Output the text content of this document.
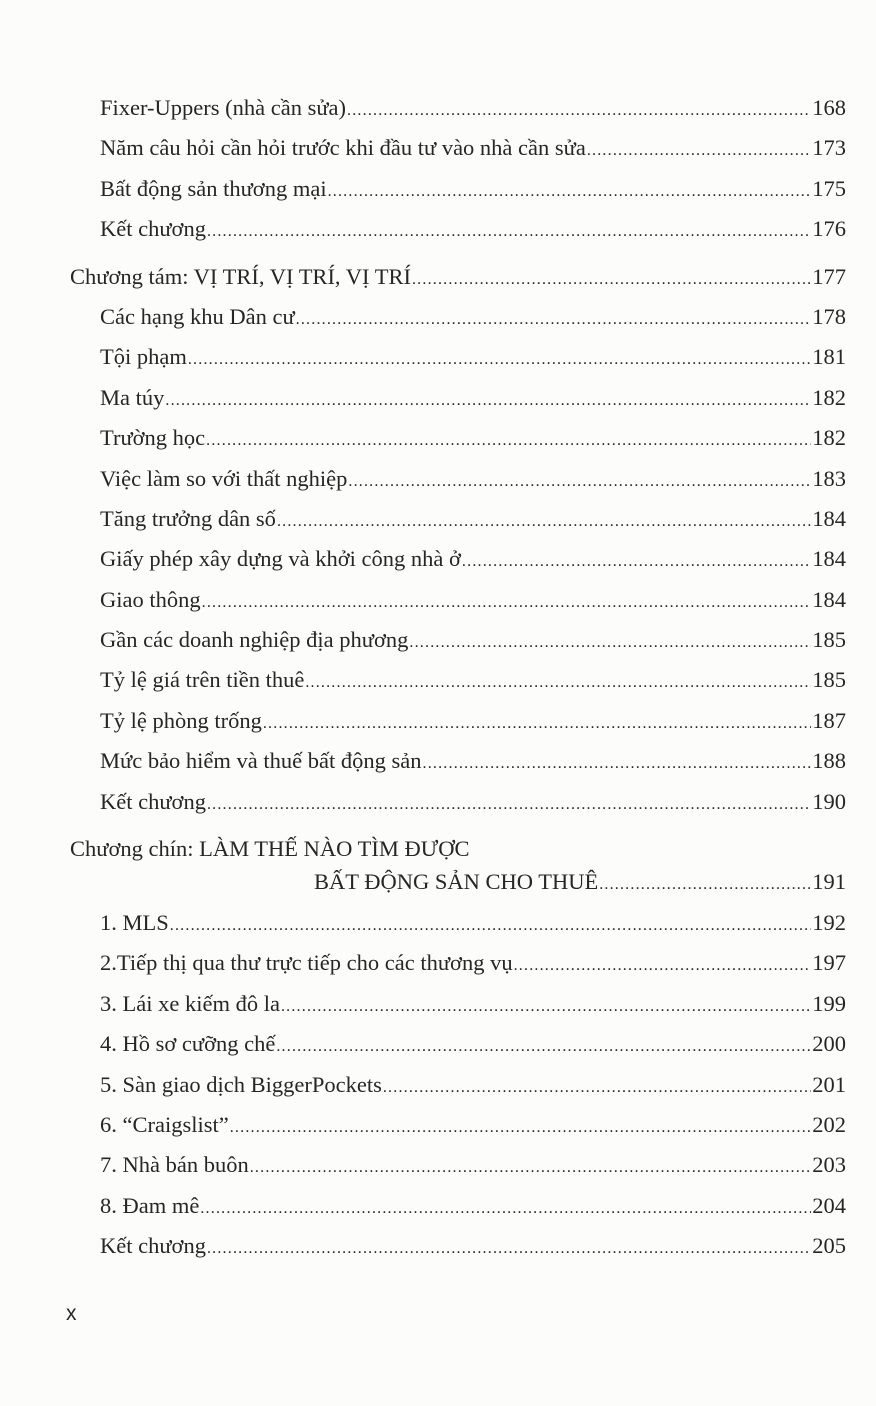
Fixer-Uppers (nhà cần sửa) .....	168
Năm câu hỏi cần hỏi trước khi đầu tư vào nhà cần sửa .....	173
Bất động sản thương mại .....	175
Kết chương .....	176
Chương tám: VỊ TRÍ, VỊ TRÍ, VỊ TRÍ .....	177
Các hạng khu Dân cư .....	178
Tội phạm .....	181
Ma túy .....	182
Trường học .....	182
Việc làm so với thất nghiệp .....	183
Tăng trưởng dân số .....	184
Giấy phép xây dựng và khởi công nhà ở .....	184
Giao thông .....	184
Gần các doanh nghiệp địa phương .....	185
Tỷ lệ giá trên tiền thuê .....	185
Tỷ lệ phòng trống .....	187
Mức bảo hiểm và thuế bất động sản .....	188
Kết chương .....	190
Chương chín: LÀM THẾ NÀO TÌM ĐƯỢC
BẤT ĐỘNG SẢN CHO THUÊ .....	191
1. MLS .....	192
2.Tiếp thị qua thư trực tiếp cho các thương vụ .....	197
3. Lái xe kiếm đô la .....	199
4. Hồ sơ cưỡng chế .....	200
5. Sàn giao dịch BiggerPockets .....	201
6. “Craigslist” .....	202
7. Nhà bán buôn .....	203
8. Đam mê .....	204
Kết chương .....	205
x
